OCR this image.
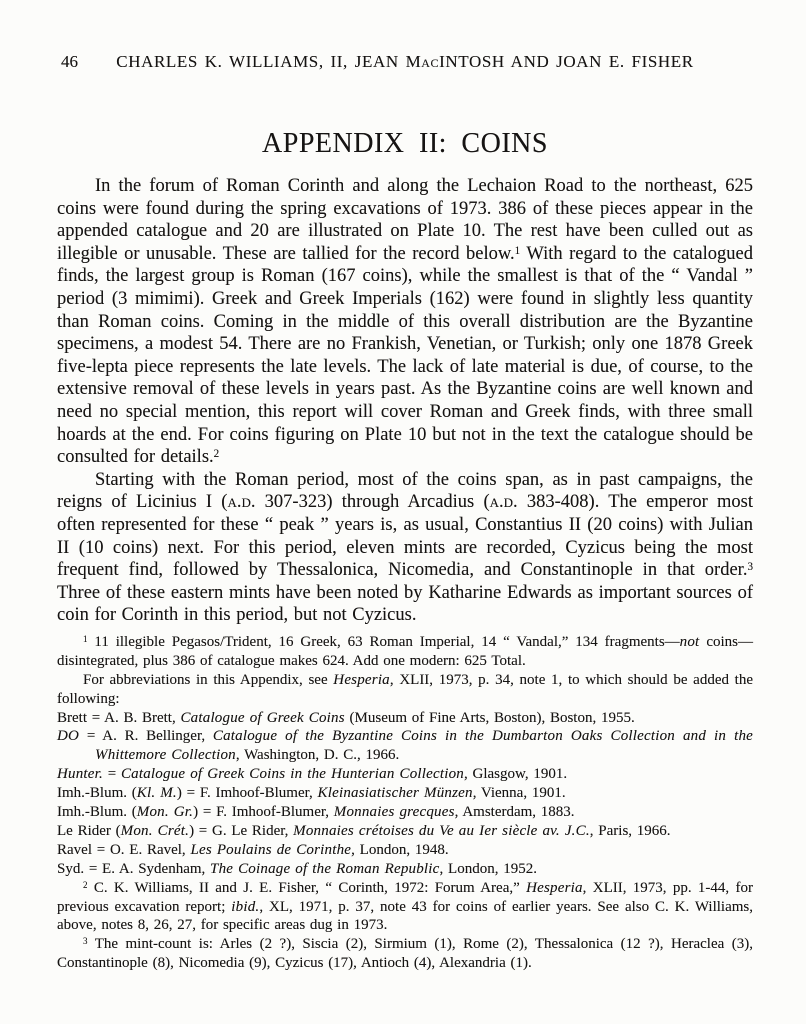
46 CHARLES K. WILLIAMS, II, JEAN MacINTOSH AND JOAN E. FISHER
APPENDIX II: COINS

In the forum of Roman Corinth and along the Lechaion Road to the northeast, 625 coins were found during the spring excavations of 1973. 386 of these pieces appear in the appended catalogue and 20 are illustrated on Plate 10. The rest have been culled out as illegible or unusable. These are tallied for the record below.$^1$ With regard to the catalogued finds, the largest group is Roman (167 coins), while the smallest is that of the “ Vandal ” period (3 mimimi). Greek and Greek Imperials (162) were found in slightly less quantity than Roman coins. Coming in the middle of this overall distribution are the Byzantine specimens, a modest 54. There are no Frankish, Venetian, or Turkish; only one 1878 Greek five-lepta piece represents the late levels. The lack of late material is due, of course, to the extensive removal of these levels in years past. As the Byzantine coins are well known and need no special mention, this report will cover Roman and Greek finds, with three small hoards at the end. For coins figuring on Plate 10 but not in the text the catalogue should be consulted for details.$^2$

Starting with the Roman period, most of the coins span, as in past campaigns, the reigns of Licinius I (a.d. 307-323) through Arcadius (a.d. 383-408). The emperor most often represented for these “ peak ” years is, as usual, Constantius II (20 coins) with Julian II (10 coins) next. For this period, eleven mints are recorded, Cyzicus being the most frequent find, followed by Thessalonica, Nicomedia, and Constantinople in that order.$^3$ Three of these eastern mints have been noted by Katharine Edwards as important sources of coin for Corinth in this period, but not Cyzicus.

$^1$ 11 illegible Pegasos/Trident, 16 Greek, 63 Roman Imperial, 14 “ Vandal,” 134 fragments—not coins—disintegrated, plus 386 of catalogue makes 624. Add one modern: 625 Total.

For abbreviations in this Appendix, see Hesperia, XLII, 1973, p. 34, note 1, to which should be added the following:

Brett = A. B. Brett, Catalogue of Greek Coins (Museum of Fine Arts, Boston), Boston, 1955.

DO = A. R. Bellinger, Catalogue of the Byzantine Coins in the Dumbarton Oaks Collection and in the Whittemore Collection, Washington, D. C., 1966.

Hunter. = Catalogue of Greek Coins in the Hunterian Collection, Glasgow, 1901.

Imh.-Blum. (Kl. M.) = F. Imhoof-Blumer, Kleinasiatischer Münzen, Vienna, 1901.

Imh.-Blum. (Mon. Gr.) = F. Imhoof-Blumer, Monnaies grecques, Amsterdam, 1883.

Le Rider (Mon. Crét.) = G. Le Rider, Monnaies crétoises du Ve au Ier siècle av. J.C., Paris, 1966.

Ravel = O. E. Ravel, Les Poulains de Corinthe, London, 1948.

Syd. = E. A. Sydenham, The Coinage of the Roman Republic, London, 1952.

$^2$ C. K. Williams, II and J. E. Fisher, “ Corinth, 1972: Forum Area,” Hesperia, XLII, 1973, pp. 1-44, for previous excavation report; ibid., XL, 1971, p. 37, note 43 for coins of earlier years. See also C. K. Williams, above, notes 8, 26, 27, for specific areas dug in 1973.

$^3$ The mint-count is: Arles (2 ?), Siscia (2), Sirmium (1), Rome (2), Thessalonica (12 ?), Heraclea (3), Constantinople (8), Nicomedia (9), Cyzicus (17), Antioch (4), Alexandria (1).
